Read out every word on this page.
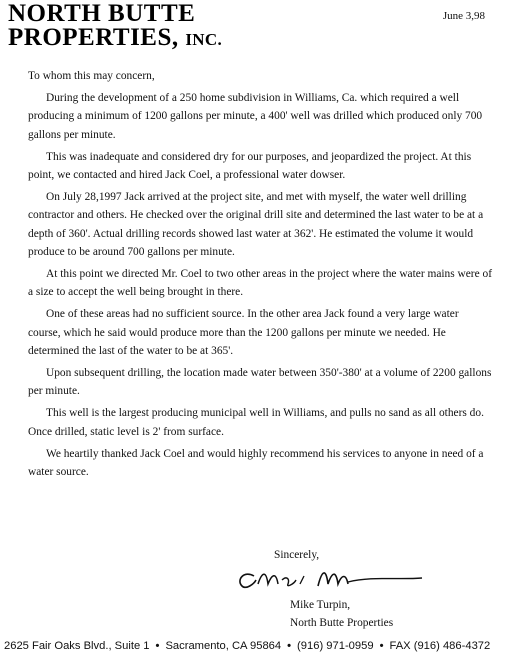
NORTH BUTTE
PROPERTIES, INC.
June 3,98

To whom this may concern,

During the development of a 250 home subdivision in Williams, Ca. which required a well producing a minimum of 1200 gallons per minute, a 400' well was drilled which produced only 700 gallons per minute.

This was inadequate and considered dry for our purposes, and jeopardized the project. At this point, we contacted and hired Jack Coel, a professional water dowser.

On July 28,1997 Jack arrived at the project site, and met with myself, the water well drilling contractor and others. He checked over the original drill site and determined the last water to be at a depth of 360'. Actual drilling records showed last water at 362'. He estimated the volume it would produce to be around 700 gallons per minute.

At this point we directed Mr. Coel to two other areas in the project where the water mains were of a size to accept the well being brought in there.

One of these areas had no sufficient source. In the other area Jack found a very large water course, which he said would produce more than the 1200 gallons per minute we needed. He determined the last of the water to be at 365'.

Upon subsequent drilling, the location made water between 350'-380' at a volume of 2200 gallons per minute.

This well is the largest producing municipal well in Williams, and pulls no sand as all others do. Once drilled, static level is 2' from surface.

We heartily thanked Jack Coel and would highly recommend his services to anyone in need of a water source.

Sincerely,
Mike Turpin,
North Butte Properties
2625 Fair Oaks Blvd., Suite 1 • Sacramento, CA 95864 • (916) 971-0959 • FAX (916) 486-4372
